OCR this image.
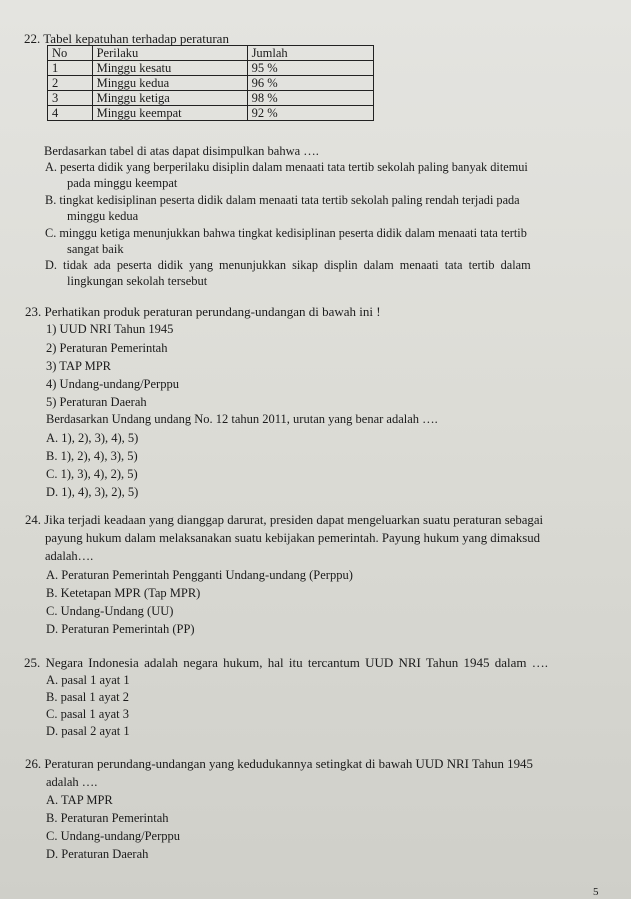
22. Tabel kepatuhan terhadap peraturan
No	Perilaku	Jumlah
1	Minggu kesatu	95 %
2	Minggu kedua	96 %
3	Minggu ketiga	98 %
4	Minggu keempat	92 %
Berdasarkan tabel di atas dapat disimpulkan bahwa ….
A. peserta didik yang berperilaku disiplin dalam menaati tata tertib sekolah paling banyak ditemui
pada minggu keempat
B. tingkat kedisiplinan peserta didik dalam menaati tata tertib sekolah paling rendah terjadi pada
minggu kedua
C. minggu ketiga menunjukkan bahwa tingkat kedisiplinan peserta didik dalam menaati tata tertib
sangat baik
D. tidak ada peserta didik yang menunjukkan sikap displin dalam menaati tata tertib dalam
lingkungan sekolah tersebut
23. Perhatikan produk peraturan perundang-undangan di bawah ini !
1) UUD NRI Tahun 1945
2) Peraturan Pemerintah
3) TAP MPR
4) Undang-undang/Perppu
5) Peraturan Daerah
Berdasarkan Undang undang No. 12 tahun 2011, urutan yang benar adalah ….
A. 1), 2), 3), 4), 5)
B. 1), 2), 4), 3), 5)
C. 1), 3), 4), 2), 5)
D. 1), 4), 3), 2), 5)
24. Jika terjadi keadaan yang dianggap darurat, presiden dapat mengeluarkan suatu peraturan sebagai
payung hukum dalam melaksanakan suatu kebijakan pemerintah. Payung hukum yang dimaksud
adalah….
A. Peraturan Pemerintah Pengganti Undang-undang (Perppu)
B. Ketetapan MPR (Tap MPR)
C. Undang-Undang (UU)
D. Peraturan Pemerintah (PP)
25. Negara Indonesia adalah negara hukum, hal itu tercantum UUD NRI Tahun 1945 dalam ….
A. pasal 1 ayat 1
B. pasal 1 ayat 2
C. pasal 1 ayat 3
D. pasal 2 ayat 1
26. Peraturan perundang-undangan yang kedudukannya setingkat di bawah UUD NRI Tahun 1945
adalah ….
A. TAP MPR
B. Peraturan Pemerintah
C. Undang-undang/Perppu
D. Peraturan Daerah
5
